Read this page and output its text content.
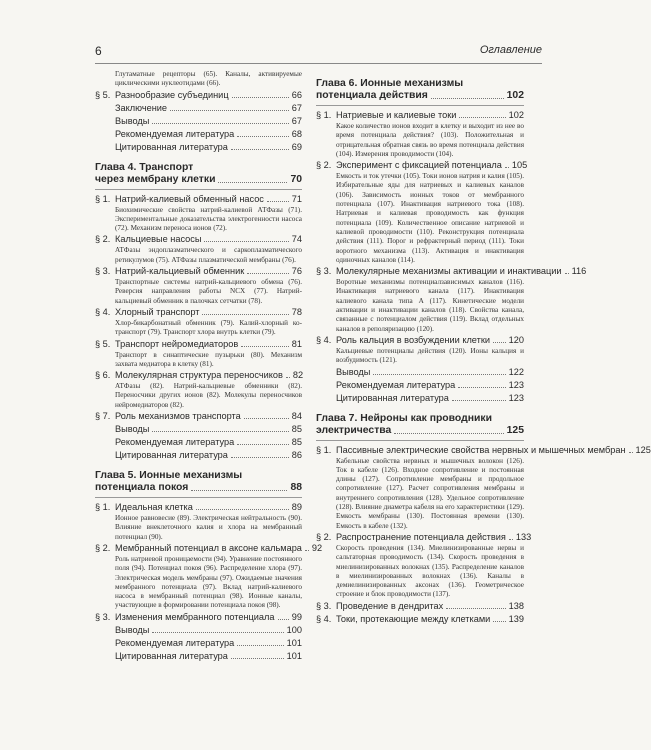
6	Оглавление
Глутаматные рецепторы (65). Каналы, активируемые циклическими нуклеотидами (66).
§ 5. Разнообразие субъединиц	66
Заключение	67
Выводы	67
Рекомендуемая литература	68
Цитированная литература	69
Глава 4. Транспорт
через мембрану клетки	70
§ 1. Натрий-калиевый обменный насос	71
Биохимические свойства натрий-калиевой АТФазы (71). Экспериментальные доказательства электрогенности насоса (72). Механизм переноса ионов (72).
§ 2. Кальциевые насосы	74
АТФазы эндоплазматического и саркоплазматического ретикулумов (75). АТФазы плазматической мембраны (76).
§ 3. Натрий-кальциевый обменник	76
Транспортные системы натрий-кальциевого обмена (76). Реверсия направления работы NCX (77). Натрий-кальциевый обменник в палочках сетчатки (78).
§ 4. Хлорный транспорт	78
Хлор-бикарбонатный обменник (79). Калий-хлорный ко-транспорт (79). Транспорт хлора внутрь клетки (79).
§ 5. Транспорт нейромедиаторов	81
Транспорт в синаптические пузырьки (80). Механизм захвата медиатора в клетку (81).
§ 6. Молекулярная структура переносчиков 82
АТФазы (82). Натрий-кальциевые обменники (82). Переносчики других ионов (82). Молекулы переносчиков нейромедиаторов (82).
§ 7. Роль механизмов транспорта	84
Выводы	85
Рекомендуемая литература	85
Цитированная литература	86
Глава 5. Ионные механизмы
потенциала покоя	88
§ 1. Идеальная клетка	89
Ионное равновесие (89). Электрическая нейтральность (90). Влияние внеклеточного калия и хлора на мембранный потенциал (90).
§ 2. Мембранный потенциал в аксоне кальмара 92
Роль натриевой проницаемости (94). Уравнение постоянного поля (94). Потенциал покоя (96). Распределение хлора (97). Электрическая модель мембраны (97). Ожидаемые значения мембранного потенциала (97). Вклад натрий-калиевого насоса в мембранный потенциал (98). Ионные каналы, участвующие в формировании потенциала покоя (98).
§ 3. Изменения мембранного потенциала 99
Выводы	100
Рекомендуемая литература	101
Цитированная литература	101
Глава 6. Ионные механизмы
потенциала действия	102
§ 1. Натриевые и калиевые токи	102
Какое количество ионов входит в клетку и выходит из нее во время потенциала действия? (103). Положительная и отрицательная обратная связь во время потенциала действия (104). Измерения проводимости (104).
§ 2. Эксперимент с фиксацией потенциала 105
Емкость и ток утечки (105). Токи ионов натрия и калия (105). Избирательные яды для натриевых и калиевых каналов (106). Зависимость ионных токов от мембранного потенциала (107). Инактивация натриевого тока (108). Натриевая и калиевая проводимость как функция потенциала (109). Количественное описание натриевой и калиевой проводимости (110). Реконструкция потенциала действия (111). Порог и рефрактерный период (111). Токи воротного механизма (113). Активация и инактивация одиночных каналов (114).
§ 3. Молекулярные механизмы активации и инактивации 116
Воротные механизмы потенциалзависимых каналов (116). Инактивация натриевого канала (117). Инактивация калиевого канала типа А (117). Кинетические модели активации и инактивации каналов (118). Свойства канала, связанные с потенциалом действия (119). Вклад отдельных каналов в реполяризацию (120).
§ 4. Роль кальция в возбуждении клетки 120
Кальциевые потенциалы действия (120). Ионы кальция и возбудимость (121).
Выводы	122
Рекомендуемая литература	123
Цитированная литература	123
Глава 7. Нейроны как проводники
электричества	125
§ 1. Пассивные электрические свойства нервных и мышечных мембран 125
Кабельные свойства нервных и мышечных волокон (126). Ток в кабеле (126). Входное сопротивление и постоянная длины (127). Сопротивление мембраны и продольное сопротивление (127). Расчет сопротивления мембраны и внутреннего сопротивления (128). Удельное сопротивление (128). Влияние диаметра кабеля на его характеристики (129). Емкость мембраны (130). Постоянная времени (130). Емкость в кабеле (132).
§ 2. Распространение потенциала действия 133
Скорость проведения (134). Миелинизированные нервы и сальтаторная проводимость (134). Скорость проведения в миелинизированных волокнах (135). Распределение каналов в миелинизированных волокнах (136). Каналы в демиелинизированных аксонах (136). Геометрическое строение и блок проводимости (137).
§ 3. Проведение в дендритах	138
§ 4. Токи, протекающие между клетками 139
